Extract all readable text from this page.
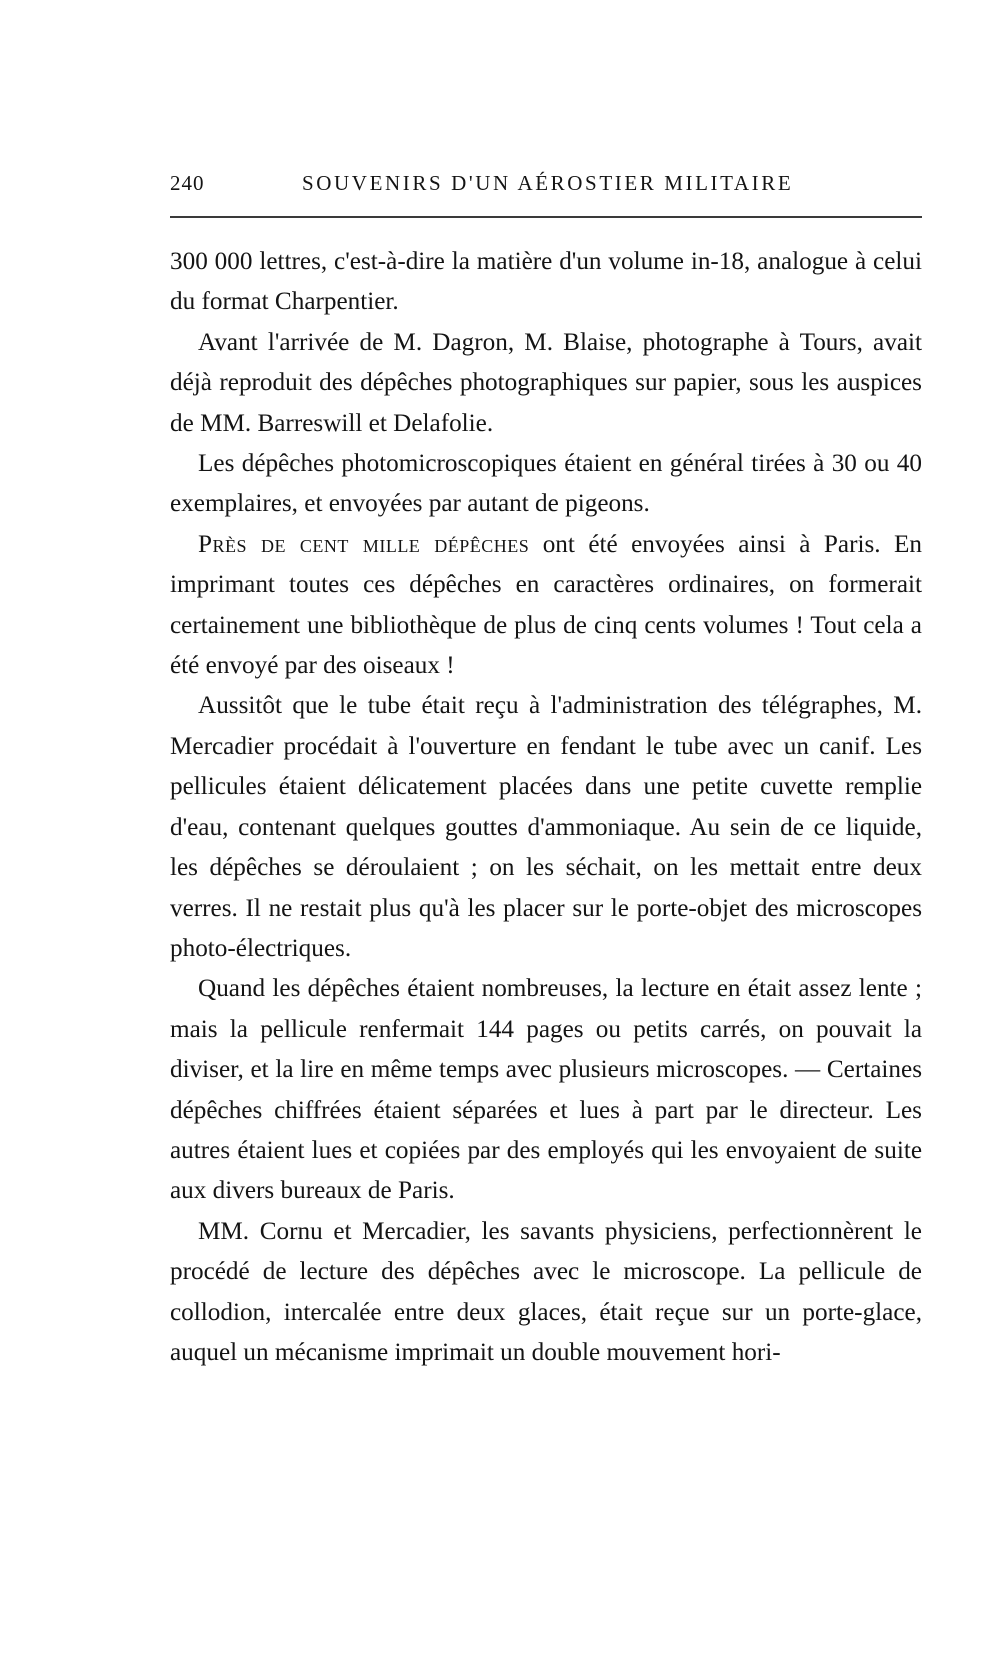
240	SOUVENIRS D'UN AÉROSTIER MILITAIRE

300 000 lettres, c'est-à-dire la matière d'un volume in-18, analogue à celui du format Charpentier.

Avant l'arrivée de M. Dagron, M. Blaise, photographe à Tours, avait déjà reproduit des dépêches photographiques sur papier, sous les auspices de MM. Barreswill et Delafolie.

Les dépêches photomicroscopiques étaient en général tirées à 30 ou 40 exemplaires, et envoyées par autant de pigeons.

Près de cent mille dépêches ont été envoyées ainsi à Paris. En imprimant toutes ces dépêches en caractères ordinaires, on formerait certainement une bibliothèque de plus de cinq cents volumes ! Tout cela a été envoyé par des oiseaux !

Aussitôt que le tube était reçu à l'administration des télégraphes, M. Mercadier procédait à l'ouverture en fendant le tube avec un canif. Les pellicules étaient délicatement placées dans une petite cuvette remplie d'eau, contenant quelques gouttes d'ammoniaque. Au sein de ce liquide, les dépêches se déroulaient ; on les séchait, on les mettait entre deux verres. Il ne restait plus qu'à les placer sur le porte-objet des microscopes photo-électriques.

Quand les dépêches étaient nombreuses, la lecture en était assez lente ; mais la pellicule renfermait 144 pages ou petits carrés, on pouvait la diviser, et la lire en même temps avec plusieurs microscopes. — Certaines dépêches chiffrées étaient séparées et lues à part par le directeur. Les autres étaient lues et copiées par des employés qui les envoyaient de suite aux divers bureaux de Paris.

MM. Cornu et Mercadier, les savants physiciens, perfectionnèrent le procédé de lecture des dépêches avec le microscope. La pellicule de collodion, intercalée entre deux glaces, était reçue sur un porte-glace, auquel un mécanisme imprimait un double mouvement hori-
